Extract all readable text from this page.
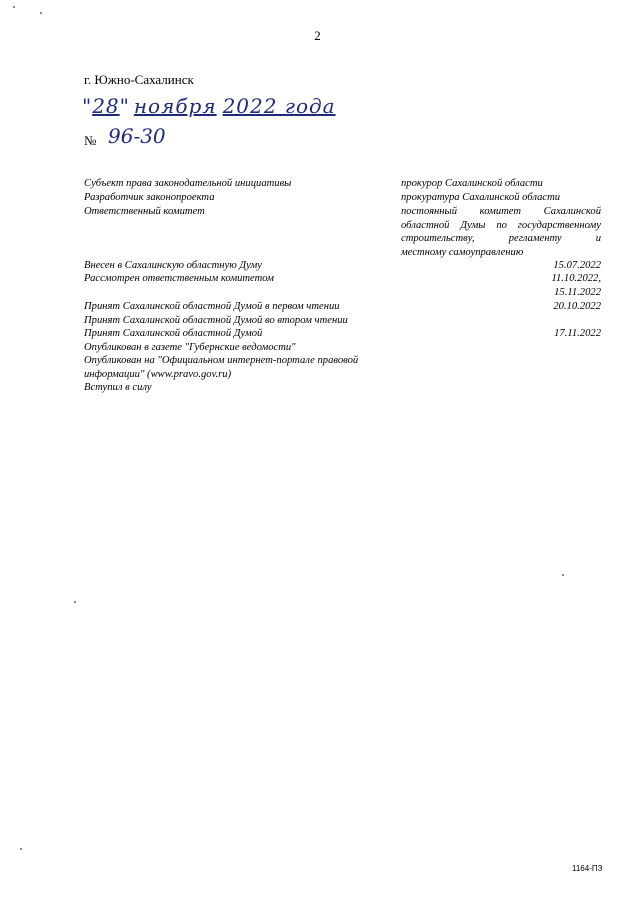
2
г. Южно-Сахалинск
"28" ноября 2022 года
№ 96-30
Субъект права законодательной инициативы
Разработчик законопроекта
Ответственный комитет
Внесен в Сахалинскую областную Думу
Рассмотрен ответственным комитетом
Принят Сахалинской областной Думой в первом чтении
Принят Сахалинской областной Думой во втором чтении
Принят Сахалинской областной Думой
Опубликован в газете "Губернские ведомости"
Опубликован на "Официальном интернет-портале правовой
информации" (www.pravo.gov.ru)
Вступил в силу
прокурор Сахалинской области
прокуратура Сахалинской области
постоянный комитет Сахалинской
областной Думы по государственному
строительству, регламенту и
местному самоуправлению
15.07.2022
11.10.2022,
15.11.2022
20.10.2022
17.11.2022
1164-ПЗ
